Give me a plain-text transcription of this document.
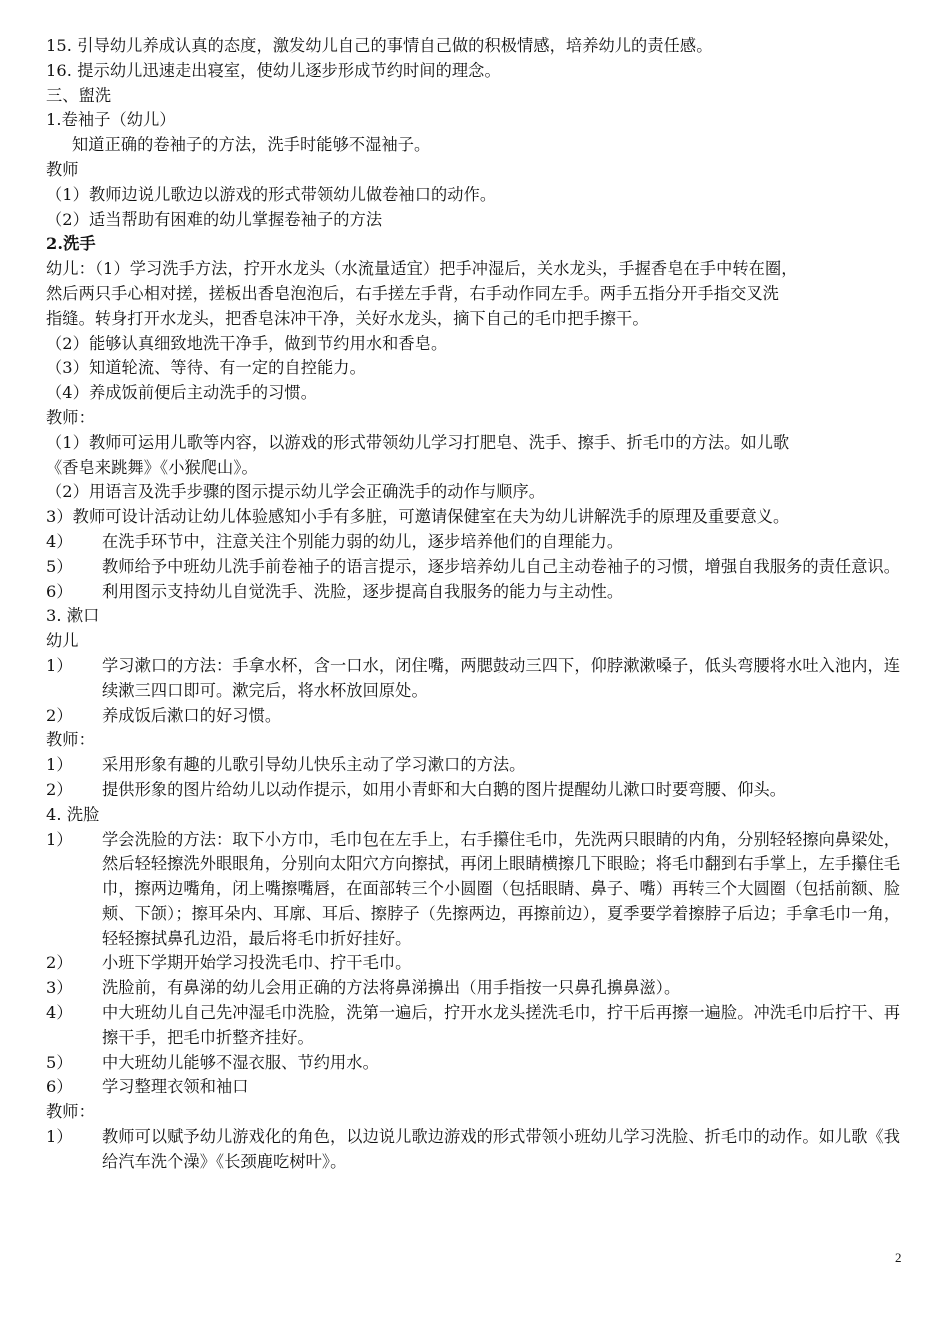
15. 引导幼儿养成认真的态度，激发幼儿自己的事情自己做的积极情感，培养幼儿的责任感。
16. 提示幼儿迅速走出寝室，使幼儿逐步形成节约时间的理念。
三、盥洗
1.卷袖子（幼儿）
知道正确的卷袖子的方法，洗手时能够不湿袖子。
教师
（1）教师边说儿歌边以游戏的形式带领幼儿做卷袖口的动作。
（2）适当帮助有困难的幼儿掌握卷袖子的方法
2.洗手
幼儿：（1）学习洗手方法，拧开水龙头（水流量适宜）把手冲湿后，关水龙头，手握香皂在手中转在圈，
然后两只手心相对搓，搓板出香皂泡泡后，右手搓左手背，右手动作同左手。两手五指分开手指交叉洗
指缝。转身打开水龙头，把香皂沫冲干净，关好水龙头，摘下自己的毛巾把手擦干。
（2）能够认真细致地洗干净手，做到节约用水和香皂。
（3）知道轮流、等待、有一定的自控能力。
（4）养成饭前便后主动洗手的习惯。
教师：
（1）教师可运用儿歌等内容，以游戏的形式带领幼儿学习打肥皂、洗手、擦手、折毛巾的方法。如儿歌
《香皂来跳舞》《小猴爬山》。
（2）用语言及洗手步骤的图示提示幼儿学会正确洗手的动作与顺序。
3）教师可设计活动让幼儿体验感知小手有多脏，可邀请保健室在夫为幼儿讲解洗手的原理及重要意义。
4）	在洗手环节中，注意关注个别能力弱的幼儿，逐步培养他们的自理能力。
5）	教师给予中班幼儿洗手前卷袖子的语言提示，逐步培养幼儿自己主动卷袖子的习惯，增强自我服务的责任意识。
6）	利用图示支持幼儿自觉洗手、洗脸，逐步提高自我服务的能力与主动性。
3. 漱口
幼儿
1）	学习漱口的方法：手拿水杯，含一口水，闭住嘴，两腮鼓动三四下，仰脖漱漱嗓子，低头弯腰将水吐入池内，连续漱三四口即可。漱完后，将水杯放回原处。
2）	养成饭后漱口的好习惯。
教师：
1）	采用形象有趣的儿歌引导幼儿快乐主动了学习漱口的方法。
2）	提供形象的图片给幼儿以动作提示，如用小青虾和大白鹅的图片提醒幼儿漱口时要弯腰、仰头。
4. 洗脸
1）	学会洗脸的方法：取下小方巾，毛巾包在左手上，右手攥住毛巾，先洗两只眼睛的内角，分别轻轻擦向鼻梁处，然后轻轻擦洗外眼眼角，分别向太阳穴方向擦拭，再闭上眼睛横擦几下眼睑；将毛巾翻到右手掌上，左手攥住毛巾，擦两边嘴角，闭上嘴擦嘴唇，在面部转三个小圆圈（包括眼睛、鼻子、嘴）再转三个大圆圈（包括前额、脸颊、下颌）；擦耳朵内、耳廓、耳后、擦脖子（先擦两边，再擦前边），夏季要学着擦脖子后边；手拿毛巾一角，轻轻擦拭鼻孔边沿，最后将毛巾折好挂好。
2）	小班下学期开始学习投洗毛巾、拧干毛巾。
3）	洗脸前，有鼻涕的幼儿会用正确的方法将鼻涕擤出（用手指按一只鼻孔擤鼻滋）。
4）	中大班幼儿自己先冲湿毛巾洗脸，洗第一遍后，拧开水龙头搓洗毛巾，拧干后再擦一遍脸。冲洗毛巾后拧干、再擦干手，把毛巾折整齐挂好。
5）	中大班幼儿能够不湿衣服、节约用水。
6）	学习整理衣领和袖口
教师：
1）	教师可以赋予幼儿游戏化的角色，以边说儿歌边游戏的形式带领小班幼儿学习洗脸、折毛巾的动作。如儿歌《我给汽车洗个澡》《长颈鹿吃树叶》。
2
